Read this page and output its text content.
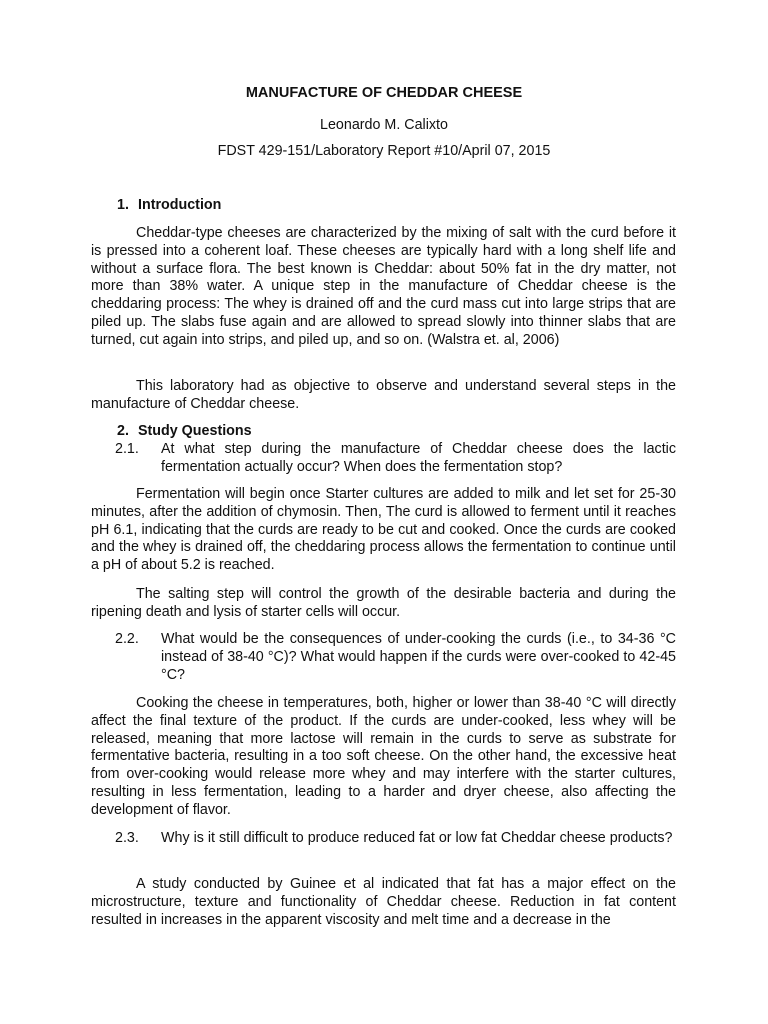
MANUFACTURE OF CHEDDAR CHEESE
Leonardo M. Calixto
FDST 429-151/Laboratory Report #10/April 07, 2015
1. Introduction
Cheddar-type cheeses are characterized by the mixing of salt with the curd before it is pressed into a coherent loaf. These cheeses are typically hard with a long shelf life and without a surface flora. The best known is Cheddar: about 50% fat in the dry matter, not more than 38% water. A unique step in the manufacture of Cheddar cheese is the cheddaring process: The whey is drained off and the curd mass cut into large strips that are piled up. The slabs fuse again and are allowed to spread slowly into thinner slabs that are turned, cut again into strips, and piled up, and so on. (Walstra et. al, 2006)
This laboratory had as objective to observe and understand several steps in the manufacture of Cheddar cheese.
2. Study Questions
2.1. At what step during the manufacture of Cheddar cheese does the lactic fermentation actually occur? When does the fermentation stop?
Fermentation will begin once Starter cultures are added to milk and let set for 25-30 minutes, after the addition of chymosin. Then, The curd is allowed to ferment until it reaches pH 6.1, indicating that the curds are ready to be cut and cooked. Once the curds are cooked and the whey is drained off, the cheddaring process allows the fermentation to continue until a pH of about 5.2 is reached.
The salting step will control the growth of the desirable bacteria and during the ripening death and lysis of starter cells will occur.
2.2. What would be the consequences of under-cooking the curds (i.e., to 34-36 °C instead of 38-40 °C)? What would happen if the curds were over-cooked to 42-45 °C?
Cooking the cheese in temperatures, both, higher or lower than 38-40 °C will directly affect the final texture of the product. If the curds are under-cooked, less whey will be released, meaning that more lactose will remain in the curds to serve as substrate for fermentative bacteria, resulting in a too soft cheese. On the other hand, the excessive heat from over-cooking would release more whey and may interfere with the starter cultures, resulting in less fermentation, leading to a harder and dryer cheese, also affecting the development of flavor.
2.3. Why is it still difficult to produce reduced fat or low fat Cheddar cheese products?
A study conducted by Guinee et al indicated that fat has a major effect on the microstructure, texture and functionality of Cheddar cheese. Reduction in fat content resulted in increases in the apparent viscosity and melt time and a decrease in the
